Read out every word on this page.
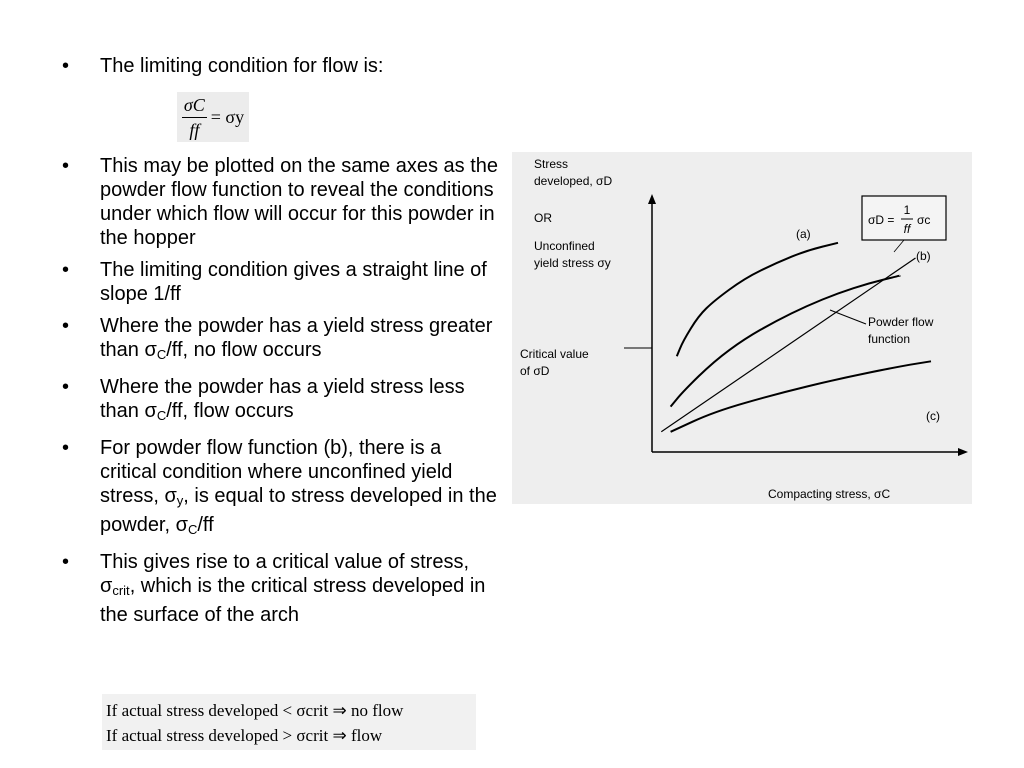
• The limiting condition for flow is:
$\frac{\sigma C}{ff} = \sigma y$
• This may be plotted on the same axes as the powder flow function to reveal the conditions under which flow will occur for this powder in the hopper
• The limiting condition gives a straight line of slope 1/ff
• Where the powder has a yield stress greater than $\sigma_C/ff$, no flow occurs
• Where the powder has a yield stress less than $\sigma_C/ff$, flow occurs
• For powder flow function (b), there is a critical condition where unconfined yield stress, $\sigma_y$, is equal to stress developed in the powder, $\sigma_C/ff$
• This gives rise to a critical value of stress, $\sigma_{crit}$, which is the critical stress developed in the surface of the arch
If actual stress developed < σcrit ⇒ no flow
If actual stress developed > σcrit ⇒ flow
Stress
developed, σD
OR
Unconfined
yield stress σy
Critical value
of σD
Compacting stress, σC
σD =
1
ff
σc
(a)
(b)
(c)
Powder flow
function
